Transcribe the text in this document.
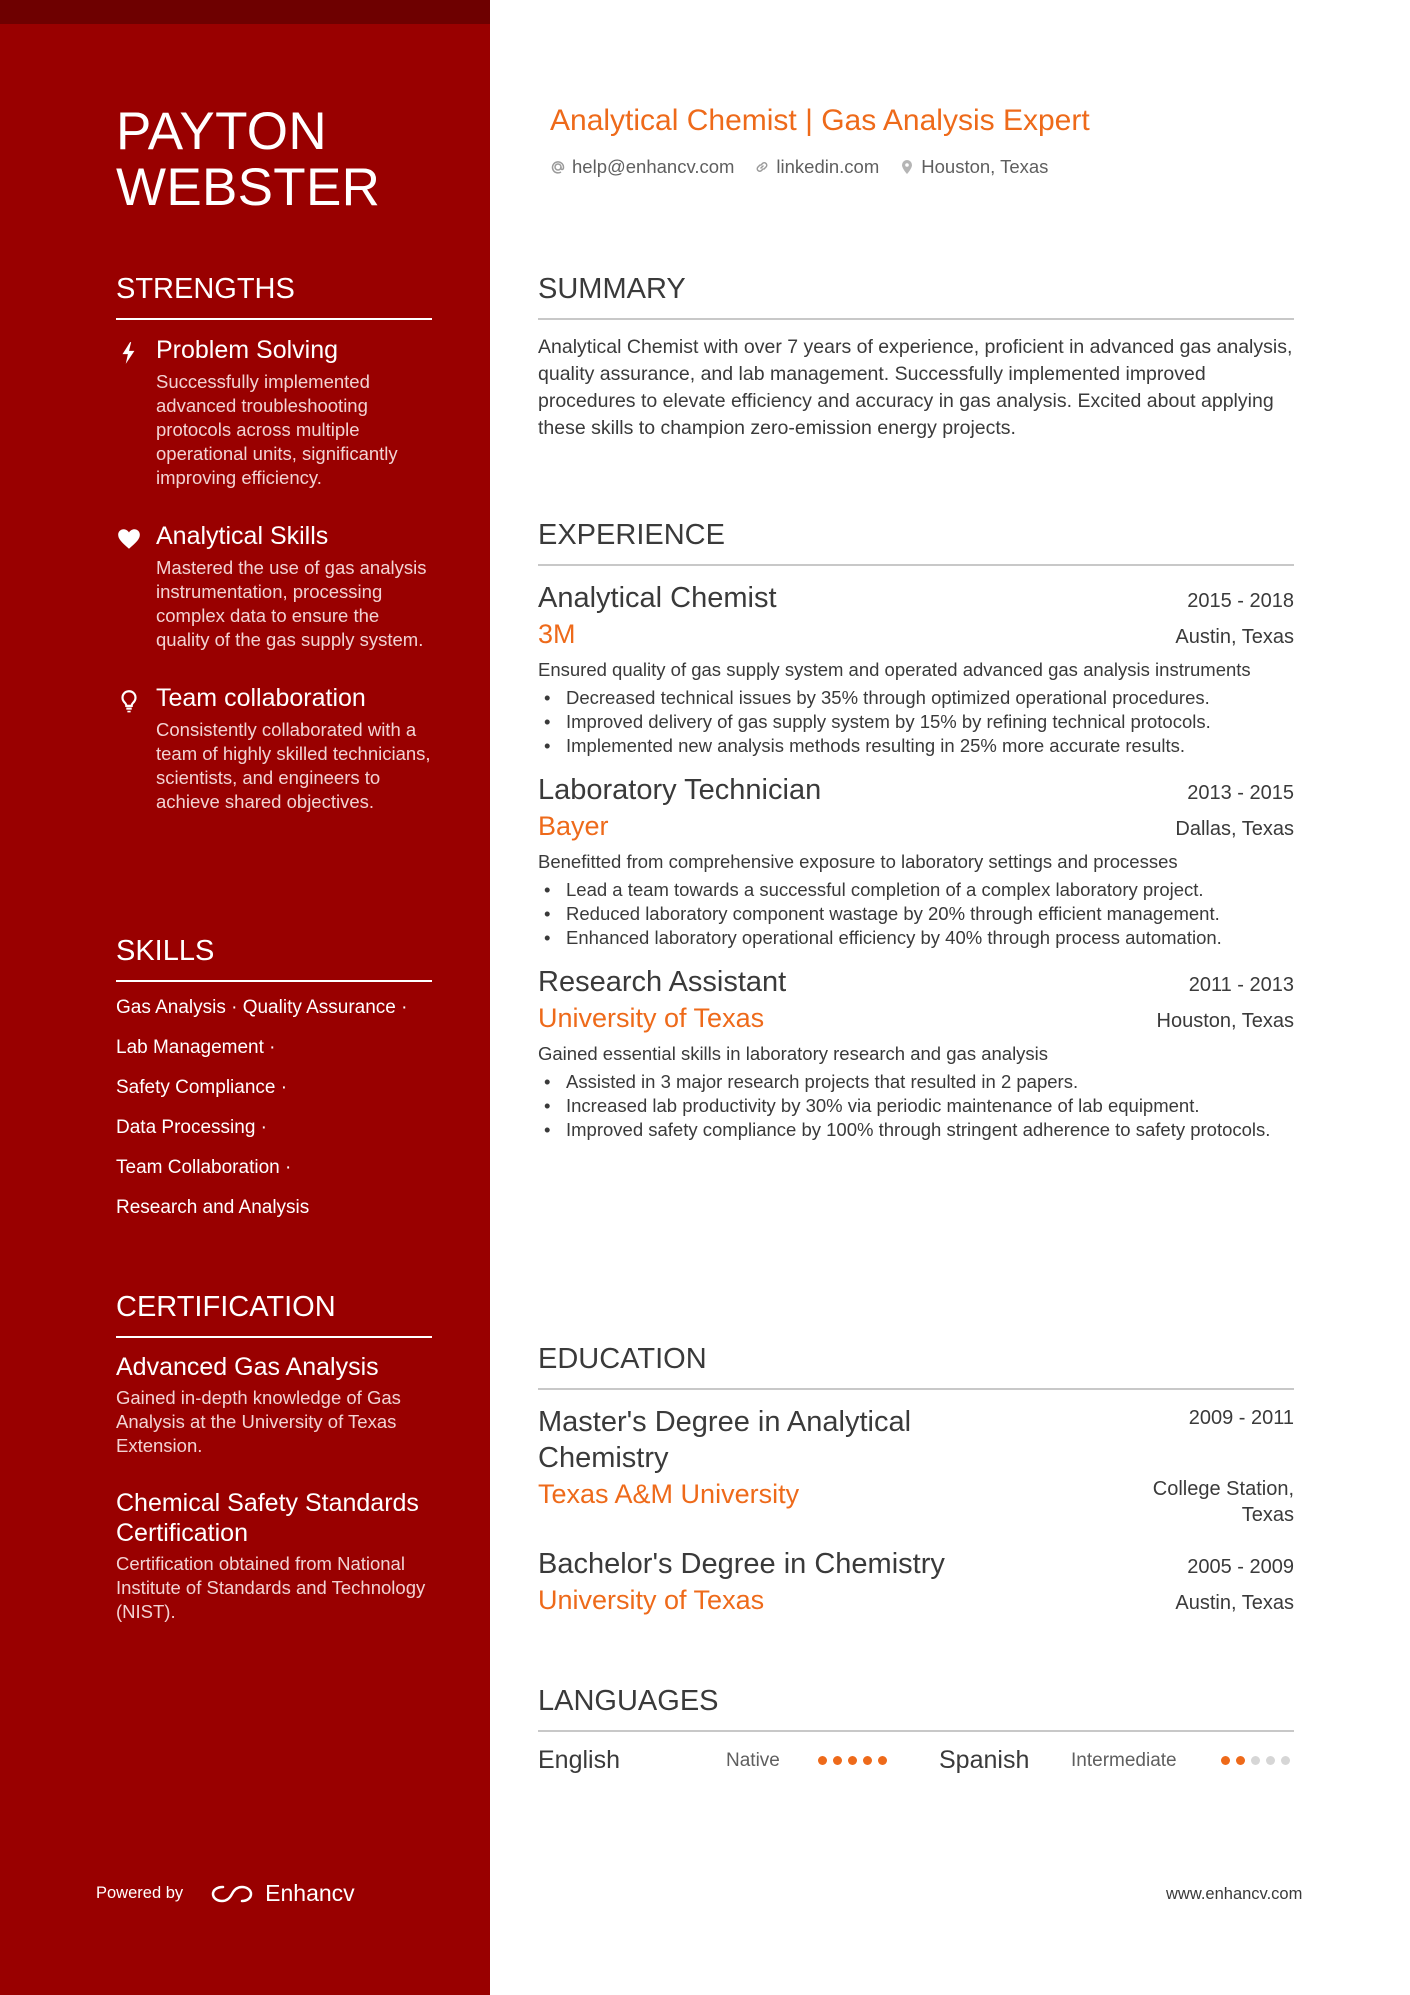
PAYTON
WEBSTER
STRENGTHS
Problem Solving
Successfully implemented advanced troubleshooting protocols across multiple operational units, significantly improving efficiency.
Analytical Skills
Mastered the use of gas analysis instrumentation, processing complex data to ensure the quality of the gas supply system.
Team collaboration
Consistently collaborated with a team of highly skilled technicians, scientists, and engineers to achieve shared objectives.
SKILLS
Gas Analysis · Quality Assurance ·
Lab Management ·
Safety Compliance ·
Data Processing ·
Team Collaboration ·
Research and Analysis
CERTIFICATION
Advanced Gas Analysis
Gained in-depth knowledge of Gas Analysis at the University of Texas Extension.
Chemical Safety Standards Certification
Certification obtained from National Institute of Standards and Technology (NIST).
Powered by	Enhancv
Analytical Chemist | Gas Analysis Expert
help@enhancv.com linkedin.com Houston, Texas
SUMMARY
Analytical Chemist with over 7 years of experience, proficient in advanced gas analysis, quality assurance, and lab management. Successfully implemented improved procedures to elevate efficiency and accuracy in gas analysis. Excited about applying these skills to champion zero-emission energy projects.
EXPERIENCE
Analytical Chemist	2015 - 2018
3M	Austin, Texas
Ensured quality of gas supply system and operated advanced gas analysis instruments
• Decreased technical issues by 35% through optimized operational procedures.
• Improved delivery of gas supply system by 15% by refining technical protocols.
• Implemented new analysis methods resulting in 25% more accurate results.
Laboratory Technician	2013 - 2015
Bayer	Dallas, Texas
Benefitted from comprehensive exposure to laboratory settings and processes
• Lead a team towards a successful completion of a complex laboratory project.
• Reduced laboratory component wastage by 20% through efficient management.
• Enhanced laboratory operational efficiency by 40% through process automation.
Research Assistant	2011 - 2013
University of Texas	Houston, Texas
Gained essential skills in laboratory research and gas analysis
• Assisted in 3 major research projects that resulted in 2 papers.
• Increased lab productivity by 30% via periodic maintenance of lab equipment.
• Improved safety compliance by 100% through stringent adherence to safety protocols.
EDUCATION
Master's Degree in Analytical Chemistry
2009 - 2011
Texas A&M University	College Station, Texas
Bachelor's Degree in Chemistry	2005 - 2009
University of Texas	Austin, Texas
LANGUAGES
English	Native	Spanish	Intermediate
www.enhancv.com
